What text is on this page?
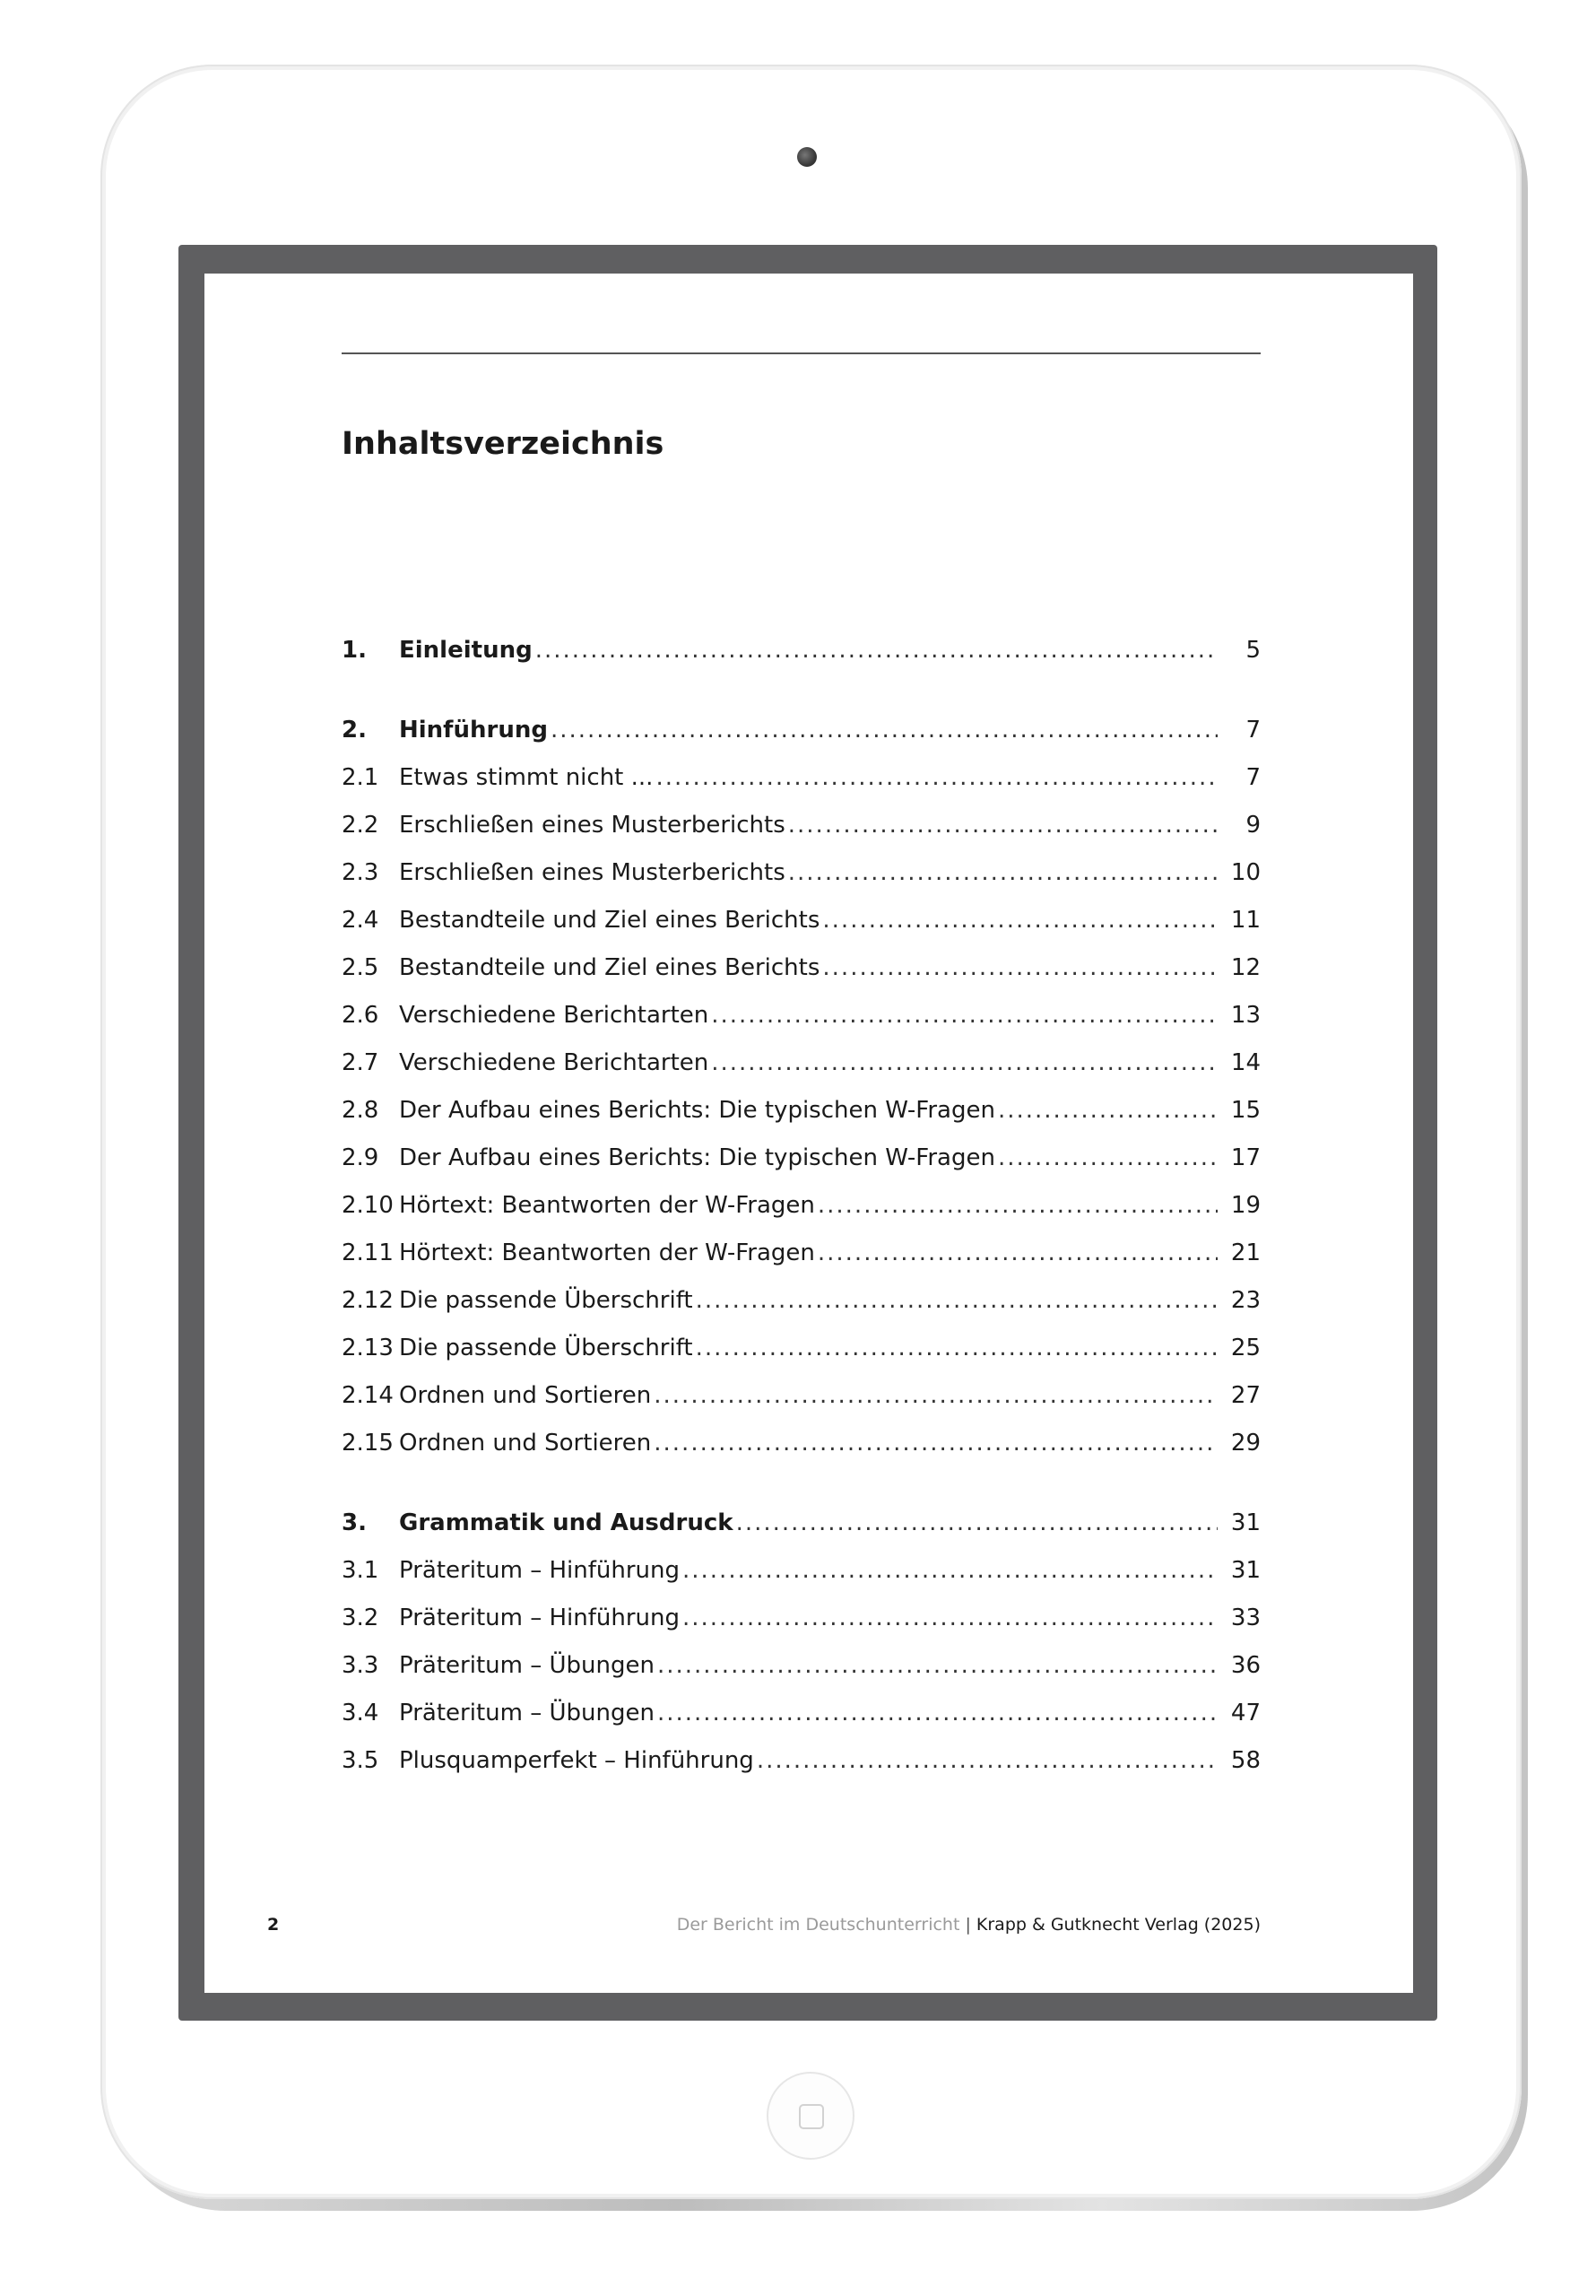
Inhaltsverzeichnis
1.	Einleitung .....	5
2.	Hinführung .....	7
2.1 Etwas stimmt nicht ... .....	7
2.2 Erschließen eines Musterberichts .....	9
2.3 Erschließen eines Musterberichts .....	10
2.4 Bestandteile und Ziel eines Berichts .....	11
2.5 Bestandteile und Ziel eines Berichts .....	12
2.6 Verschiedene Berichtarten .....	13
2.7 Verschiedene Berichtarten .....	14
2.8 Der Aufbau eines Berichts: Die typischen W-Fragen .....	15
2.9 Der Aufbau eines Berichts: Die typischen W-Fragen .....	17
2.10 Hörtext: Beantworten der W-Fragen .....	19
2.11 Hörtext: Beantworten der W-Fragen .....	21
2.12 Die passende Überschrift .....	23
2.13 Die passende Überschrift .....	25
2.14 Ordnen und Sortieren .....	27
2.15 Ordnen und Sortieren .....	29
3.	Grammatik und Ausdruck .....	31
3.1 Präteritum – Hinführung .....	31
3.2 Präteritum – Hinführung .....	33
3.3 Präteritum – Übungen .....	36
3.4 Präteritum – Übungen .....	47
3.5 Plusquamperfekt – Hinführung .....	58
2	Der Bericht im Deutschunterricht | Krapp & Gutknecht Verlag (2025)
